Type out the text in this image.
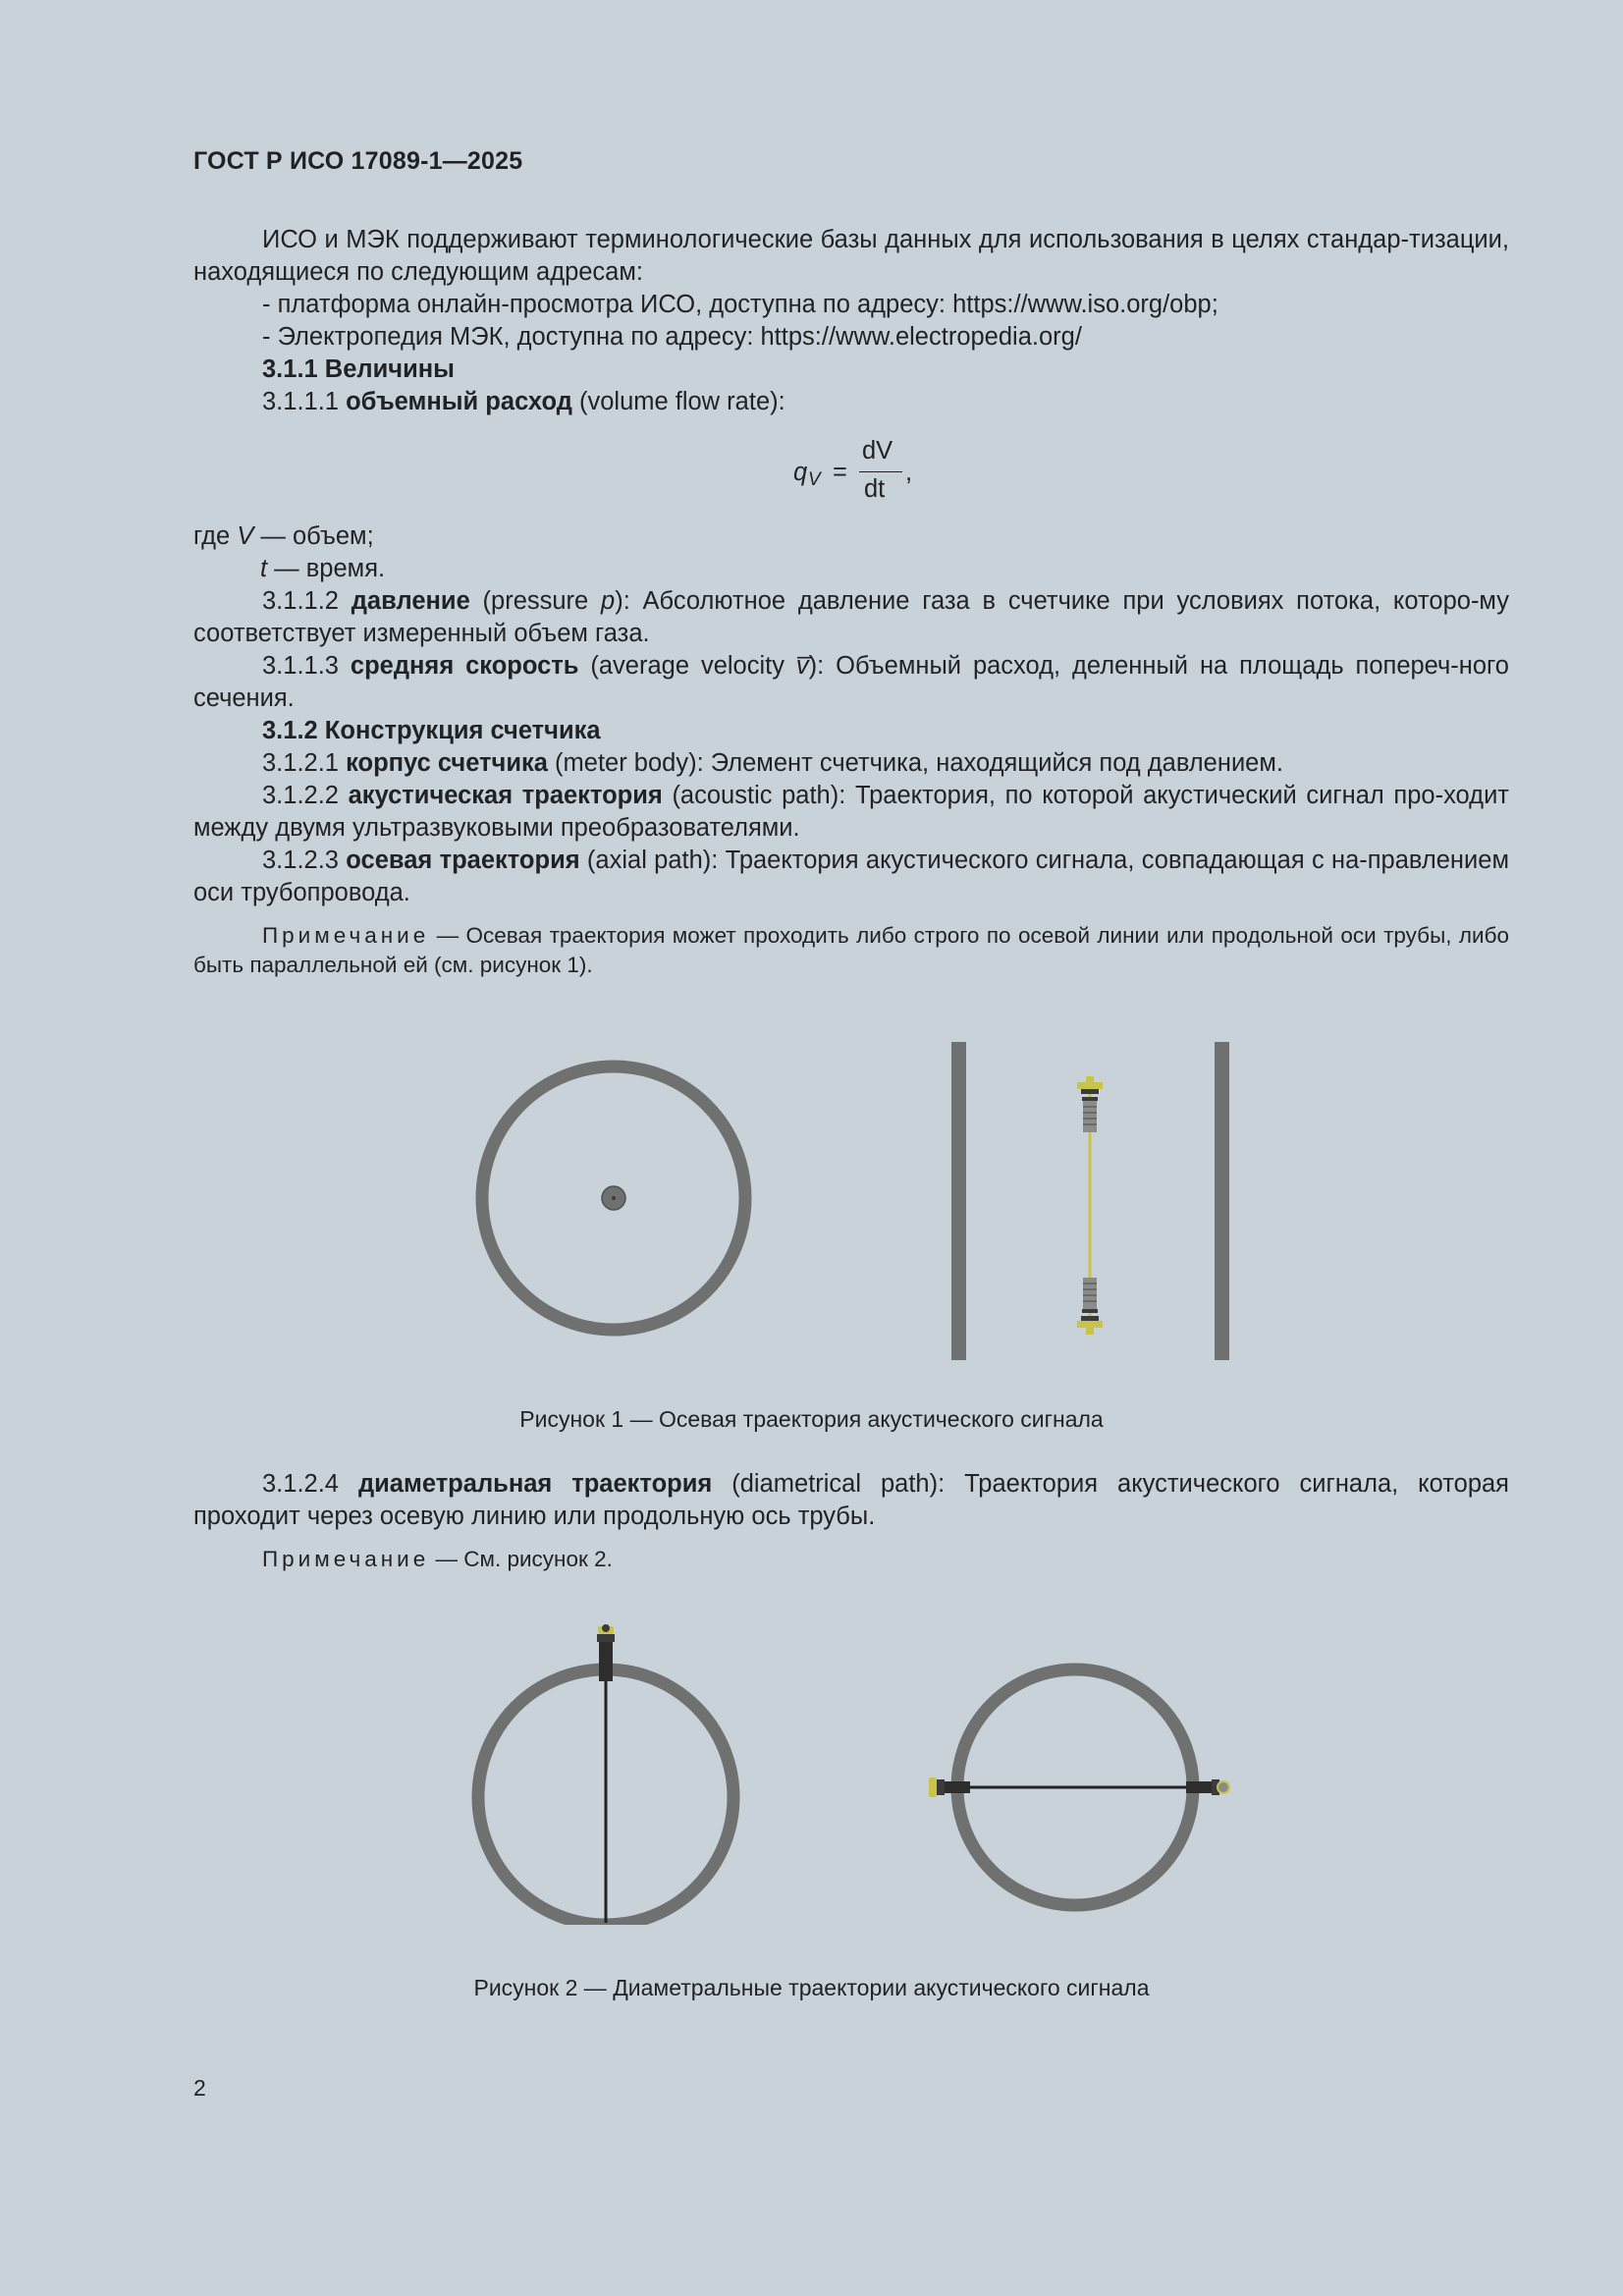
ГОСТ Р ИСО 17089-1—2025

ИСО и МЭК поддерживают терминологические базы данных для использования в целях стандар-тизации, находящиеся по следующим адресам:

- платформа онлайн-просмотра ИСО, доступна по адресу: https://www.iso.org/obp;

- Электропедия МЭК, доступна по адресу: https://www.electropedia.org/

3.1.1 Величины

3.1.1.1 объемный расход (volume flow rate):

q V =
dV
dt
,

где V — объем;

t — время.

3.1.1.2 давление (pressure p): Абсолютное давление газа в счетчике при условиях потока, которо-му соответствует измеренный объем газа.

3.1.1.3 средняя скорость (average velocity v̅): Объемный расход, деленный на площадь попереч-ного сечения.

3.1.2 Конструкция счетчика

3.1.2.1 корпус счетчика (meter body): Элемент счетчика, находящийся под давлением.

3.1.2.2 акустическая траектория (acoustic path): Траектория, по которой акустический сигнал про-ходит между двумя ультразвуковыми преобразователями.

3.1.2.3 осевая траектория (axial path): Траектория акустического сигнала, совпадающая с на-правлением оси трубопровода.

Примечание — Осевая траектория может проходить либо строго по осевой линии или продольной оси трубы, либо быть параллельной ей (см. рисунок 1).

Рисунок 1 — Осевая траектория акустического сигнала

3.1.2.4 диаметральная траектория (diametrical path): Траектория акустического сигнала, которая проходит через осевую линию или продольную ось трубы.

Примечание — См. рисунок 2.

Рисунок 2 — Диаметральные траектории акустического сигнала
2
